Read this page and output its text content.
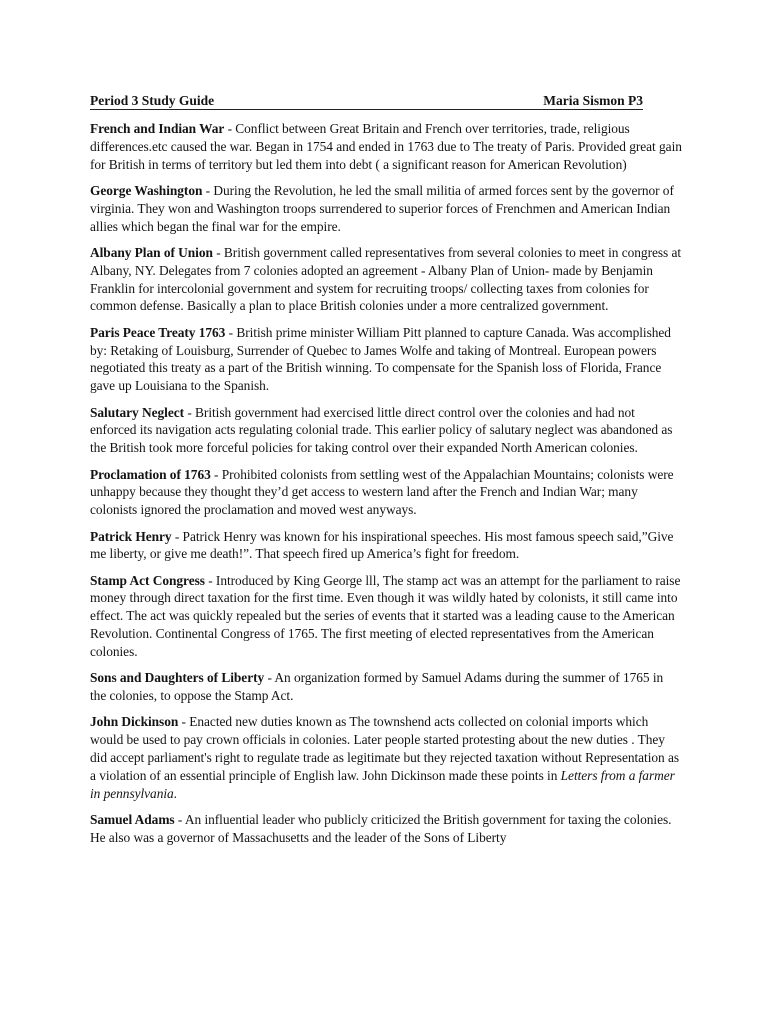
Period 3 Study Guide	Maria Sismon P3

French and Indian War - Conflict between Great Britain and French over territories, trade, religious differences.etc caused the war. Began in 1754 and ended in 1763 due to The treaty of Paris. Provided great gain for British in terms of territory but led them into debt ( a significant reason for American Revolution)

George Washington - During the Revolution, he led the small militia of armed forces sent by the governor of virginia. They won and Washington troops surrendered to superior forces of Frenchmen and American Indian allies which began the final war for the empire.

Albany Plan of Union - British government called representatives from several colonies to meet in congress at Albany, NY. Delegates from 7 colonies adopted an agreement - Albany Plan of Union- made by Benjamin Franklin for intercolonial government and system for recruiting troops/ collecting taxes from colonies for common defense. Basically a plan to place British colonies under a more centralized government.

Paris Peace Treaty 1763 - British prime minister William Pitt planned to capture Canada. Was accomplished by: Retaking of Louisburg, Surrender of Quebec to James Wolfe and taking of Montreal. European powers negotiated this treaty as a part of the British winning. To compensate for the Spanish loss of Florida, France gave up Louisiana to the Spanish.

Salutary Neglect - British government had exercised little direct control over the colonies and had not enforced its navigation acts regulating colonial trade. This earlier policy of salutary neglect was abandoned as the British took more forceful policies for taking control over their expanded North American colonies.

Proclamation of 1763 - Prohibited colonists from settling west of the Appalachian Mountains; colonists were unhappy because they thought they’d get access to western land after the French and Indian War; many colonists ignored the proclamation and moved west anyways.

Patrick Henry - Patrick Henry was known for his inspirational speeches. His most famous speech said,”Give me liberty, or give me death!”. That speech fired up America’s fight for freedom.

Stamp Act Congress - Introduced by King George lll, The stamp act was an attempt for the parliament to raise money through direct taxation for the first time. Even though it was wildly hated by colonists, it still came into effect. The act was quickly repealed but the series of events that it started was a leading cause to the American Revolution. Continental Congress of 1765. The first meeting of elected representatives from the American colonies.

Sons and Daughters of Liberty - An organization formed by Samuel Adams during the summer of 1765 in the colonies, to oppose the Stamp Act.

John Dickinson - Enacted new duties known as The townshend acts collected on colonial imports which would be used to pay crown officials in colonies. Later people started protesting about the new duties . They did accept parliament's right to regulate trade as legitimate but they rejected taxation without Representation as a violation of an essential principle of English law. John Dickinson made these points in Letters from a farmer in pennsylvania.

Samuel Adams - An influential leader who publicly criticized the British government for taxing the colonies. He also was a governor of Massachusetts and the leader of the Sons of Liberty
